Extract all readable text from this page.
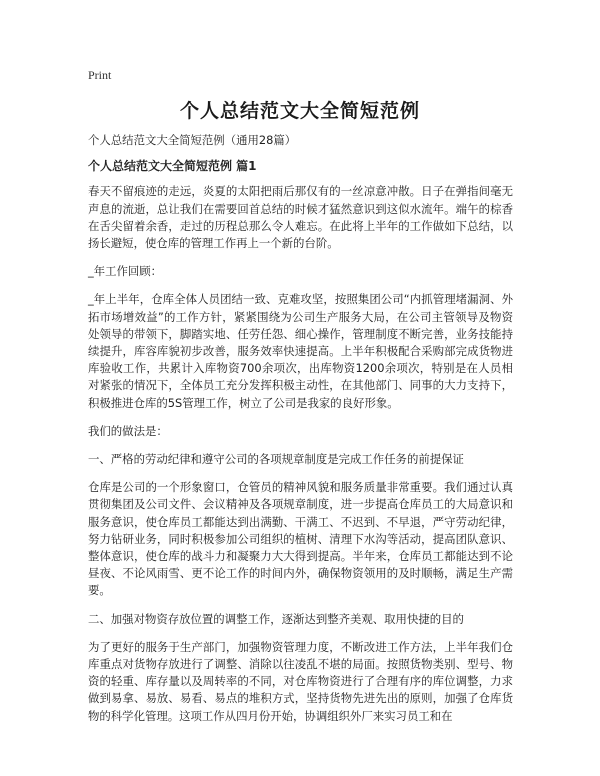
Print
个人总结范文大全简短范例

个人总结范文大全简短范例（通用28篇）

个人总结范文大全简短范例 篇1

春天不留痕迹的走远，炎夏的太阳把雨后那仅有的一丝凉意冲散。日子在弹指间毫无声息的流逝，总让我们在需要回首总结的时候才猛然意识到这似水流年。端午的棕香在舌尖留着余香，走过的历程总那么令人难忘。在此将上半年的工作做如下总结，以扬长避短，使仓库的管理工作再上一个新的台阶。

_年工作回顾：

_年上半年，仓库全体人员团结一致、克难攻坚，按照集团公司“内抓管理堵漏洞、外拓市场增效益”的工作方针，紧紧围绕为公司生产服务大局，在公司主管领导及物资处领导的带领下，脚踏实地、任劳任怨、细心操作，管理制度不断完善，业务技能持续提升，库容库貌初步改善，服务效率快速提高。上半年积极配合采购部完成货物进库验收工作，共累计入库物资700余项次，出库物资1200余项次，特别是在人员相对紧张的情况下，全体员工充分发挥积极主动性，在其他部门、同事的大力支持下，积极推进仓库的5S管理工作，树立了公司是我家的良好形象。

我们的做法是：

一、严格的劳动纪律和遵守公司的各项规章制度是完成工作任务的前提保证

仓库是公司的一个形象窗口，仓管员的精神风貌和服务质量非常重要。我们通过认真贯彻集团及公司文件、会议精神及各项规章制度，进一步提高仓库员工的大局意识和服务意识，使仓库员工都能达到出满勤、干满工、不迟到、不早退，严守劳动纪律，努力钻研业务，同时积极参加公司组织的植树、清理下水沟等活动，提高团队意识、整体意识，使仓库的战斗力和凝聚力大大得到提高。半年来，仓库员工都能达到不论昼夜、不论风雨雪、更不论工作的时间内外，确保物资领用的及时顺畅，满足生产需要。

二、加强对物资存放位置的调整工作，逐渐达到整齐美观、取用快捷的目的

为了更好的服务于生产部门，加强物资管理力度，不断改进工作方法，上半年我们仓库重点对货物存放进行了调整、消除以往凌乱不堪的局面。按照货物类别、型号、物资的轻重、库存量以及周转率的不同，对仓库物资进行了合理有序的库位调整，力求做到易拿、易放、易看、易点的堆积方式，坚持货物先进先出的原则，加强了仓库货物的科学化管理。这项工作从四月份开始，协调组织外厂来实习员工和在
